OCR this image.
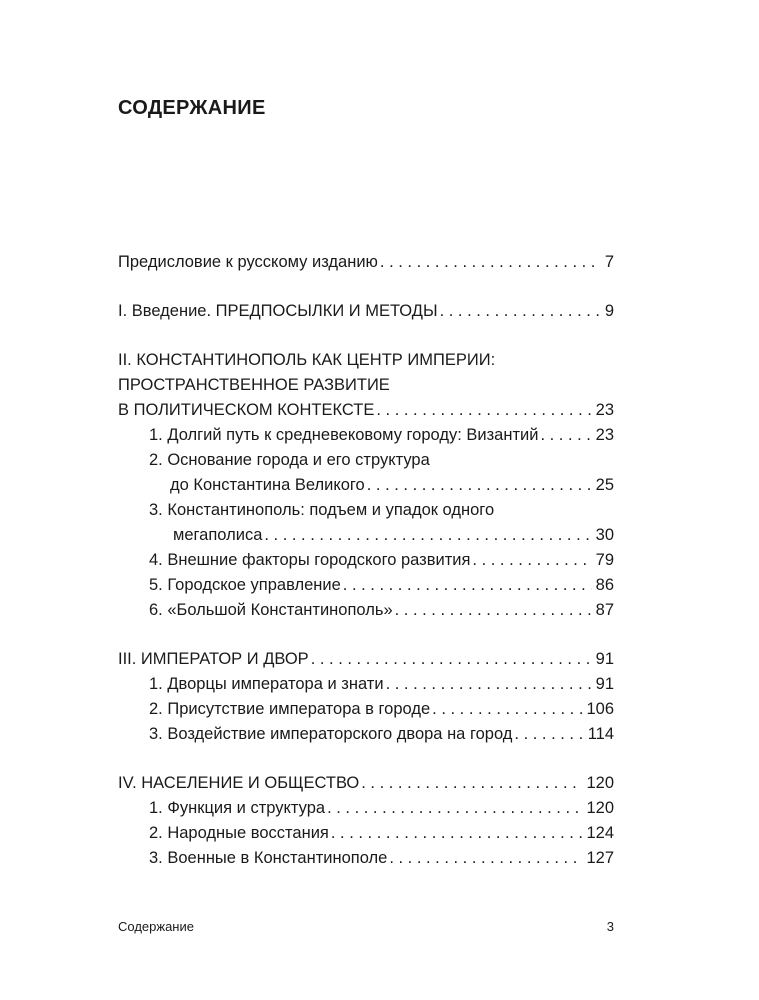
СОДЕРЖАНИЕ
Предисловие к русскому изданию . . .	7
I. Введение. ПРЕДПОСЫЛКИ И МЕТОДЫ . . .	9
II. КОНСТАНТИНОПОЛЬ КАК ЦЕНТР ИМПЕРИИ:
ПРОСТРАНСТВЕННОЕ РАЗВИТИЕ
В ПОЛИТИЧЕСКОМ КОНТЕКСТЕ . . .	23
1. Долгий путь к средневековому городу: Византий . . .	23
2. Основание города и его структура
до Константина Великого . . .	25
3. Константинополь: подъем и упадок одного
мегаполиса . . .	30
4. Внешние факторы городского развития . . .	79
5. Городское управление . . .	86
6. «Большой Константинополь» . . .	87
III. ИМПЕРАТОР И ДВОР . . .	91
1. Дворцы императора и знати . . .	91
2. Присутствие императора в городе . . .	106
3. Воздействие императорского двора на город . . .	114
IV. НАСЕЛЕНИЕ И ОБЩЕСТВО . . .	120
1. Функция и структура . . .	120
2. Народные восстания . . .	124
3. Военные в Константинополе . . .	127
Содержание	3
